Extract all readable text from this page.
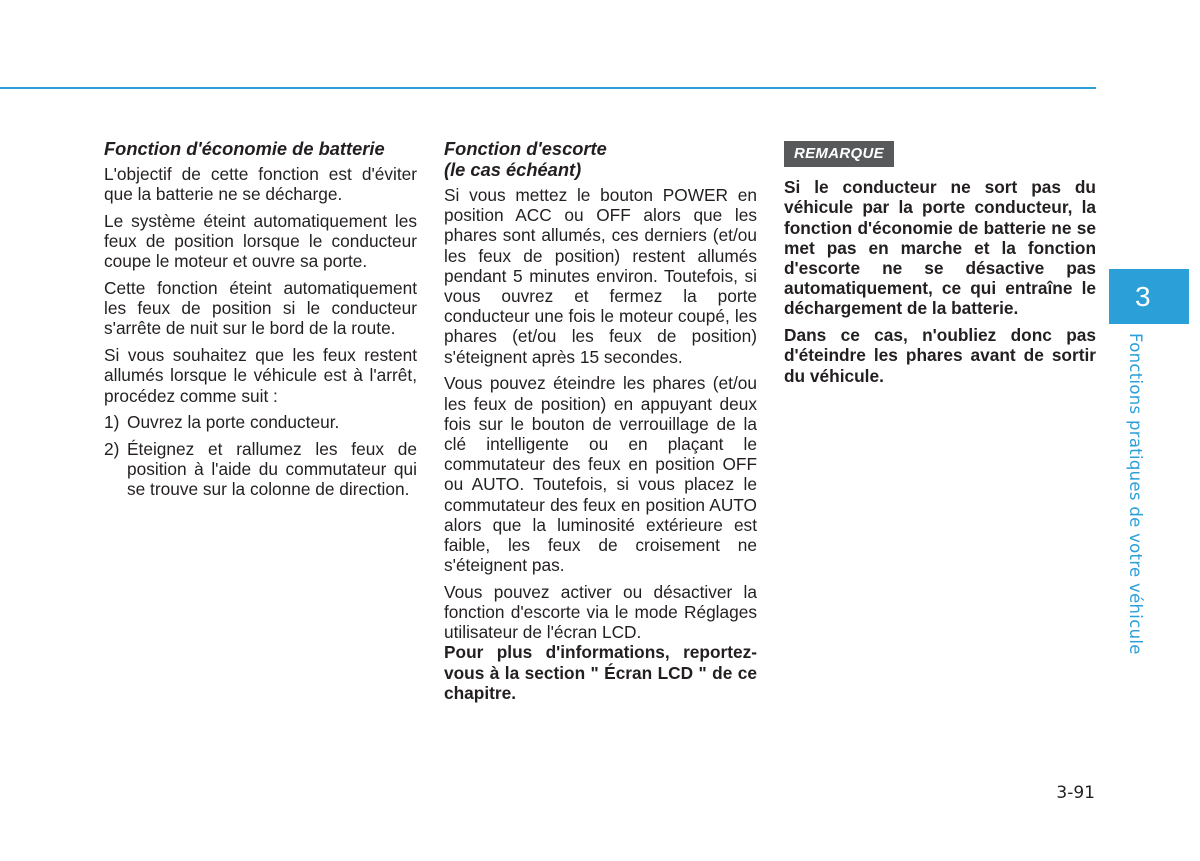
Fonction d'économie de batterie

L'objectif de cette fonction est d'éviter que la batterie ne se décharge.

Le système éteint automatiquement les feux de position lorsque le conducteur coupe le moteur et ouvre sa porte.

Cette fonction éteint automatiquement les feux de position si le conducteur s'arrête de nuit sur le bord de la route.

Si vous souhaitez que les feux restent allumés lorsque le véhicule est à l'arrêt, procédez comme suit :

1) Ouvrez la porte conducteur.
2) Éteignez et rallumez les feux de position à l'aide du commutateur qui se trouve sur la colonne de direction.
Fonction d'escorte
(le cas échéant)

Si vous mettez le bouton POWER en position ACC ou OFF alors que les phares sont allumés, ces derniers (et/ou les feux de position) restent allumés pendant 5 minutes environ. Toutefois, si vous ouvrez et fermez la porte conducteur une fois le moteur coupé, les phares (et/ou les feux de position) s'éteignent après 15 secondes.

Vous pouvez éteindre les phares (et/ou les feux de position) en appuyant deux fois sur le bouton de verrouillage de la clé intelligente ou en plaçant le commutateur des feux en position OFF ou AUTO. Toutefois, si vous placez le commutateur des feux en position AUTO alors que la luminosité extérieure est faible, les feux de croisement ne s'éteignent pas.

Vous pouvez activer ou désactiver la fonction d'escorte via le mode Réglages utilisateur de l'écran LCD.

Pour plus d'informations, reportez-vous à la section " Écran LCD " de ce chapitre.

REMARQUE

Si le conducteur ne sort pas du véhicule par la porte conducteur, la fonction d'économie de batterie ne se met pas en marche et la fonction d'escorte ne se désactive pas automatiquement, ce qui entraîne le déchargement de la batterie.

Dans ce cas, n'oubliez donc pas d'éteindre les phares avant de sortir du véhicule.

3
Fonctions pratiques de votre véhicule
3-91
